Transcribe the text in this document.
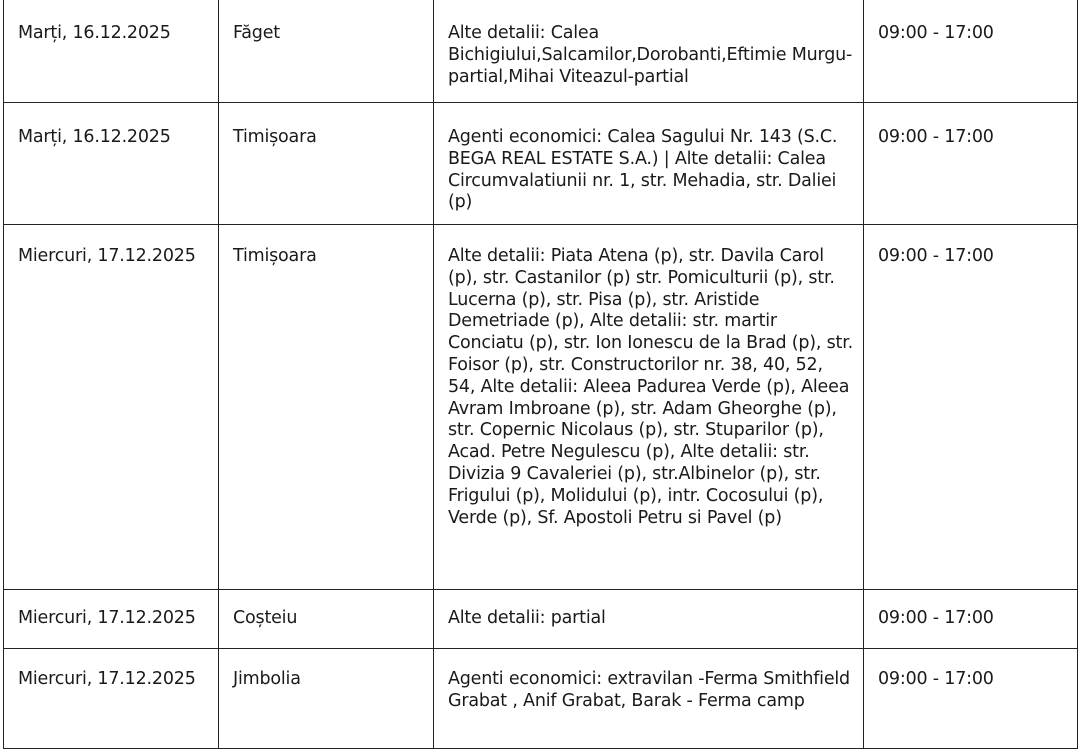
Marți, 16.12.2025	Făget	Alte detalii: Calea Bichigiului,Salcamilor,Dorobanti,Eftimie Murgu-partial,Mihai Viteazul-partial	09:00 - 17:00
Marți, 16.12.2025	Timișoara	Agenti economici: Calea Sagului Nr. 143 (S.C. BEGA REAL ESTATE S.A.) | Alte detalii: Calea Circumvalatiunii nr. 1, str. Mehadia, str. Daliei (p)	09:00 - 17:00
Miercuri, 17.12.2025	Timișoara	Alte detalii: Piata Atena (p), str. Davila Carol (p), str. Castanilor (p) str. Pomiculturii (p), str. Lucerna (p), str. Pisa (p), str. Aristide Demetriade (p), Alte detalii: str. martir Conciatu (p), str. Ion Ionescu de la Brad (p), str. Foisor (p), str. Constructorilor nr. 38, 40, 52, 54, Alte detalii: Aleea Padurea Verde (p), Aleea Avram Imbroane (p), str. Adam Gheorghe (p), str. Copernic Nicolaus (p), str. Stuparilor (p), Acad. Petre Negulescu (p), Alte detalii: str. Divizia 9 Cavaleriei (p), str.Albinelor (p), str. Frigului (p), Molidului (p), intr. Cocosului (p), Verde (p), Sf. Apostoli Petru si Pavel (p)	09:00 - 17:00
Miercuri, 17.12.2025	Coșteiu	Alte detalii: partial	09:00 - 17:00
Miercuri, 17.12.2025	Jimbolia	Agenti economici: extravilan -Ferma Smithfield Grabat , Anif Grabat, Barak - Ferma camp	09:00 - 17:00
